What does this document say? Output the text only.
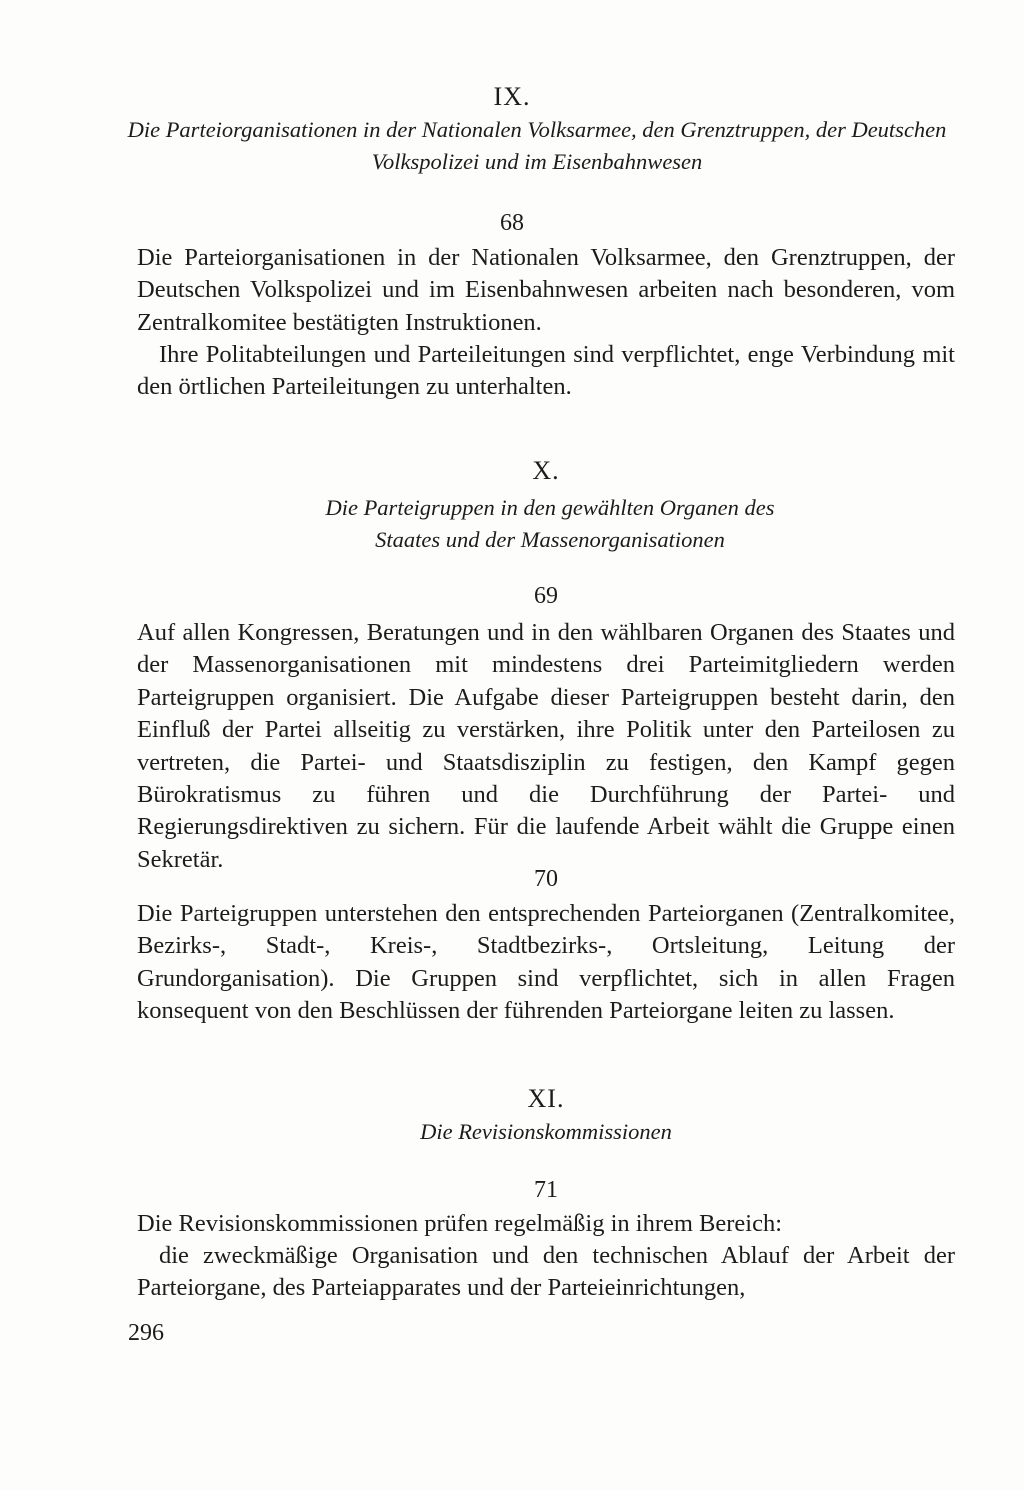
IX.
Die Parteiorganisationen in der Nationalen Volksarmee, den Grenztruppen, der Deutschen Volkspolizei und im Eisenbahnwesen
68

Die Parteiorganisationen in der Nationalen Volksarmee, den Grenztruppen, der Deutschen Volkspolizei und im Eisenbahnwesen arbeiten nach besonderen, vom Zentralkomitee bestätigten Instruktionen.

Ihre Politabteilungen und Parteileitungen sind verpflichtet, enge Verbindung mit den örtlichen Parteileitungen zu unterhalten.

X.
Die Parteigruppen in den gewählten Organen des Staates und der Massenorganisationen
69

Auf allen Kongressen, Beratungen und in den wählbaren Organen des Staates und der Massenorganisationen mit mindestens drei Parteimitgliedern werden Parteigruppen organisiert. Die Aufgabe dieser Parteigruppen besteht darin, den Einfluß der Partei allseitig zu verstärken, ihre Politik unter den Parteilosen zu vertreten, die Partei- und Staatsdisziplin zu festigen, den Kampf gegen Bürokratismus zu führen und die Durchführung der Partei- und Regierungsdirektiven zu sichern. Für die laufende Arbeit wählt die Gruppe einen Sekretär.

70

Die Parteigruppen unterstehen den entsprechenden Parteiorganen (Zentralkomitee, Bezirks-, Stadt-, Kreis-, Stadtbezirks-, Ortsleitung, Leitung der Grundorganisation). Die Gruppen sind verpflichtet, sich in allen Fragen konsequent von den Beschlüssen der führenden Parteiorgane leiten zu lassen.

XI.
Die Revisionskommissionen
71

Die Revisionskommissionen prüfen regelmäßig in ihrem Bereich:

die zweckmäßige Organisation und den technischen Ablauf der Arbeit der Parteiorgane, des Parteiapparates und der Parteieinrichtungen,

296
